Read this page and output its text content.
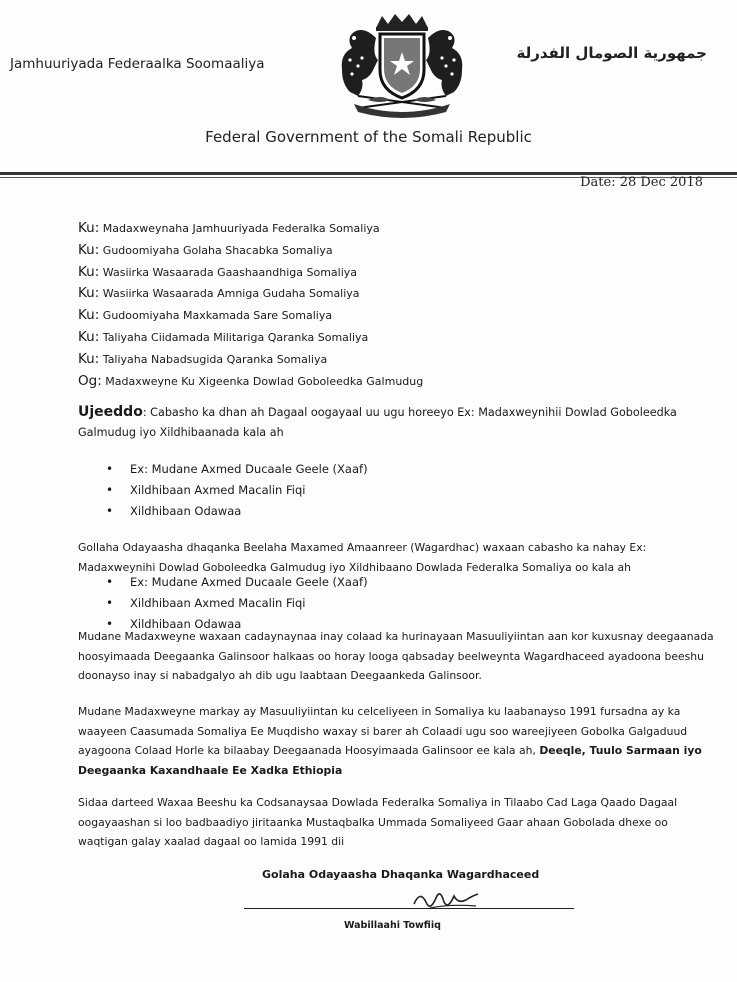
Jamhuuriyada Federaalka Soomaaliya
جمهورية الصومال الفدرلة
Federal Government of the Somali Republic
Date: 28 Dec 2018
Ku: Madaxweynaha Jamhuuriyada Federalka Somaliya
Ku: Gudoomiyaha Golaha Shacabka Somaliya
Ku: Wasiirka Wasaarada Gaashaandhiga Somaliya
Ku: Wasiirka Wasaarada Amniga Gudaha Somaliya
Ku: Gudoomiyaha Maxkamada Sare Somaliya
Ku: Taliyaha Ciidamada Militariga Qaranka Somaliya
Ku: Taliyaha Nabadsugida Qaranka Somaliya
Og: Madaxweyne Ku Xigeenka Dowlad Goboleedka Galmudug
Ujeeddo: Cabasho ka dhan ah Dagaal oogayaal uu ugu horeeyo Ex: Madaxweynihii Dowlad Goboleedka Galmudug iyo Xildhibaanada kala ah
• Ex: Mudane Axmed Ducaale Geele (Xaaf)
• Xildhibaan Axmed Macalin Fiqi
• Xildhibaan Odawaa
Gollaha Odayaasha dhaqanka Beelaha Maxamed Amaanreer (Wagardhac) waxaan cabasho ka nahay Ex: Madaxweynihi Dowlad Goboleedka Galmudug iyo Xildhibaano Dowlada Federalka Somaliya oo kala ah
• Ex: Mudane Axmed Ducaale Geele (Xaaf)
• Xildhibaan Axmed Macalin Fiqi
• Xildhibaan Odawaa
Mudane Madaxweyne waxaan cadaynaynaa inay colaad ka hurinayaan Masuuliyiintan aan kor kuxusnay deegaanada hoosyimaada Deegaanka Galinsoor halkaas oo horay looga qabsaday beelweynta Wagardhaceed ayadoona beeshu doonayso inay si nabadgalyo ah dib ugu laabtaan Deegaankeda Galinsoor.
Mudane Madaxweyne markay ay Masuuliyiintan ku celceliyeen in Somaliya ku laabanayso 1991 fursadna ay ka waayeen Caasumada Somaliya Ee Muqdisho waxay si barer ah Colaadi ugu soo wareejiyeen Gobolka Galgaduud ayagoona Colaad Horle ka bilaabay Deegaanada Hoosyimaada Galinsoor ee kala ah, Deeqle, Tuulo Sarmaan iyo Deegaanka Kaxandhaale Ee Xadka Ethiopia
Sidaa darteed Waxaa Beeshu ka Codsanaysaa Dowlada Federalka Somaliya in Tilaabo Cad Laga Qaado Dagaal oogayaashan si loo badbaadiyo jiritaanka Mustaqbalka Ummada Somaliyeed Gaar ahaan Gobolada dhexe oo waqtigan galay xaalad dagaal oo lamida 1991 dii
Golaha Odayaasha Dhaqanka Wagardhaceed
Wabillaahi Towfiiq
